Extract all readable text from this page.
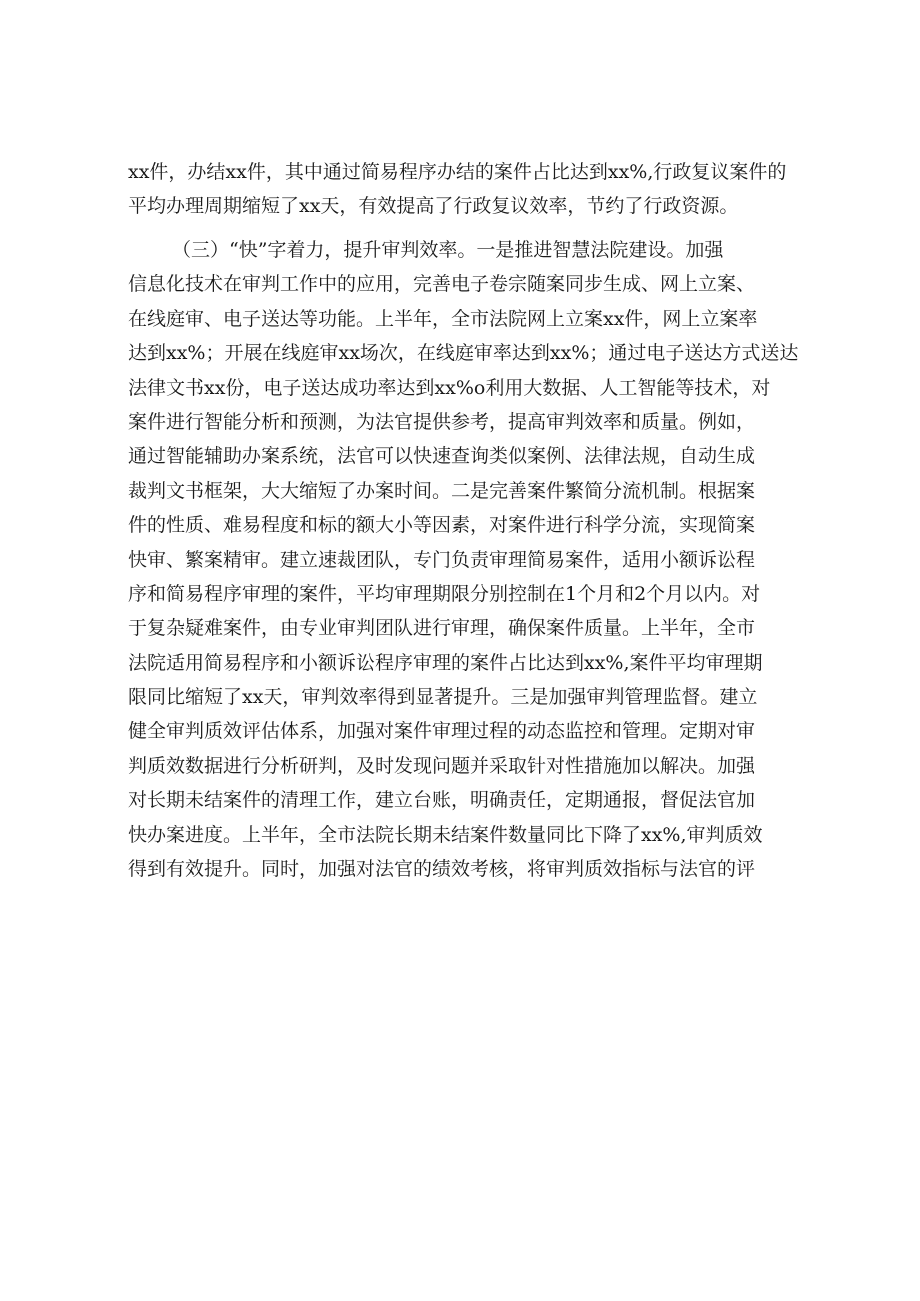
xx件，办结xx件，其中通过简易程序办结的案件占比达到xx%,行政复议案件的
平均办理周期缩短了xx天，有效提高了行政复议效率，节约了行政资源。
（三）“快”字着力，提升审判效率。一是推进智慧法院建设。加强
信息化技术在审判工作中的应用，完善电子卷宗随案同步生成、网上立案、
在线庭审、电子送达等功能。上半年，全市法院网上立案xx件，网上立案率
达到xx%；开展在线庭审xx场次，在线庭审率达到xx%；通过电子送达方式送达
法律文书xx份，电子送达成功率达到xx%o利用大数据、人工智能等技术，对
案件进行智能分析和预测，为法官提供参考，提高审判效率和质量。例如，
通过智能辅助办案系统，法官可以快速查询类似案例、法律法规，自动生成
裁判文书框架，大大缩短了办案时间。二是完善案件繁简分流机制。根据案
件的性质、难易程度和标的额大小等因素，对案件进行科学分流，实现简案
快审、繁案精审。建立速裁团队，专门负责审理简易案件，适用小额诉讼程
序和简易程序审理的案件，平均审理期限分别控制在1个月和2个月以内。对
于复杂疑难案件，由专业审判团队进行审理，确保案件质量。上半年，全市
法院适用简易程序和小额诉讼程序审理的案件占比达到xx%,案件平均审理期
限同比缩短了xx天，审判效率得到显著提升。三是加强审判管理监督。建立
健全审判质效评估体系，加强对案件审理过程的动态监控和管理。定期对审
判质效数据进行分析研判，及时发现问题并采取针对性措施加以解决。加强
对长期未结案件的清理工作，建立台账，明确责任，定期通报，督促法官加
快办案进度。上半年，全市法院长期未结案件数量同比下降了xx%,审判质效
得到有效提升。同时，加强对法官的绩效考核，将审判质效指标与法官的评
